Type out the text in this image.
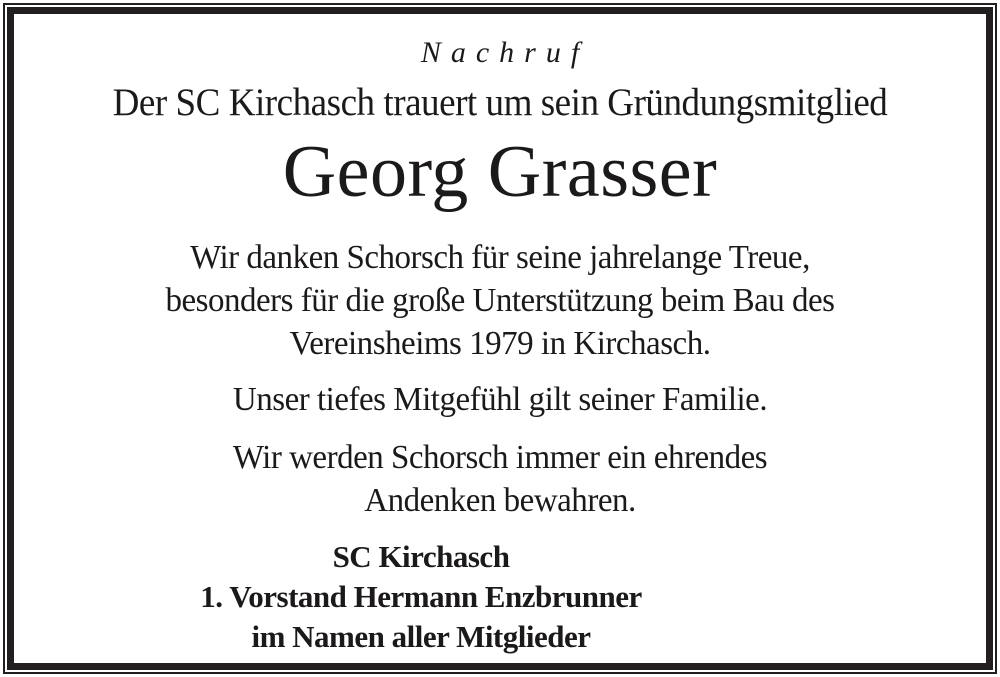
Nachruf
Der SC Kirchasch trauert um sein Gründungsmitglied
Georg Grasser
Wir danken Schorsch für seine jahrelange Treue,
besonders für die große Unterstützung beim Bau des
Vereinsheims 1979 in Kirchasch.
Unser tiefes Mitgefühl gilt seiner Familie.
Wir werden Schorsch immer ein ehrendes
Andenken bewahren.
SC Kirchasch
1. Vorstand Hermann Enzbrunner
im Namen aller Mitglieder
